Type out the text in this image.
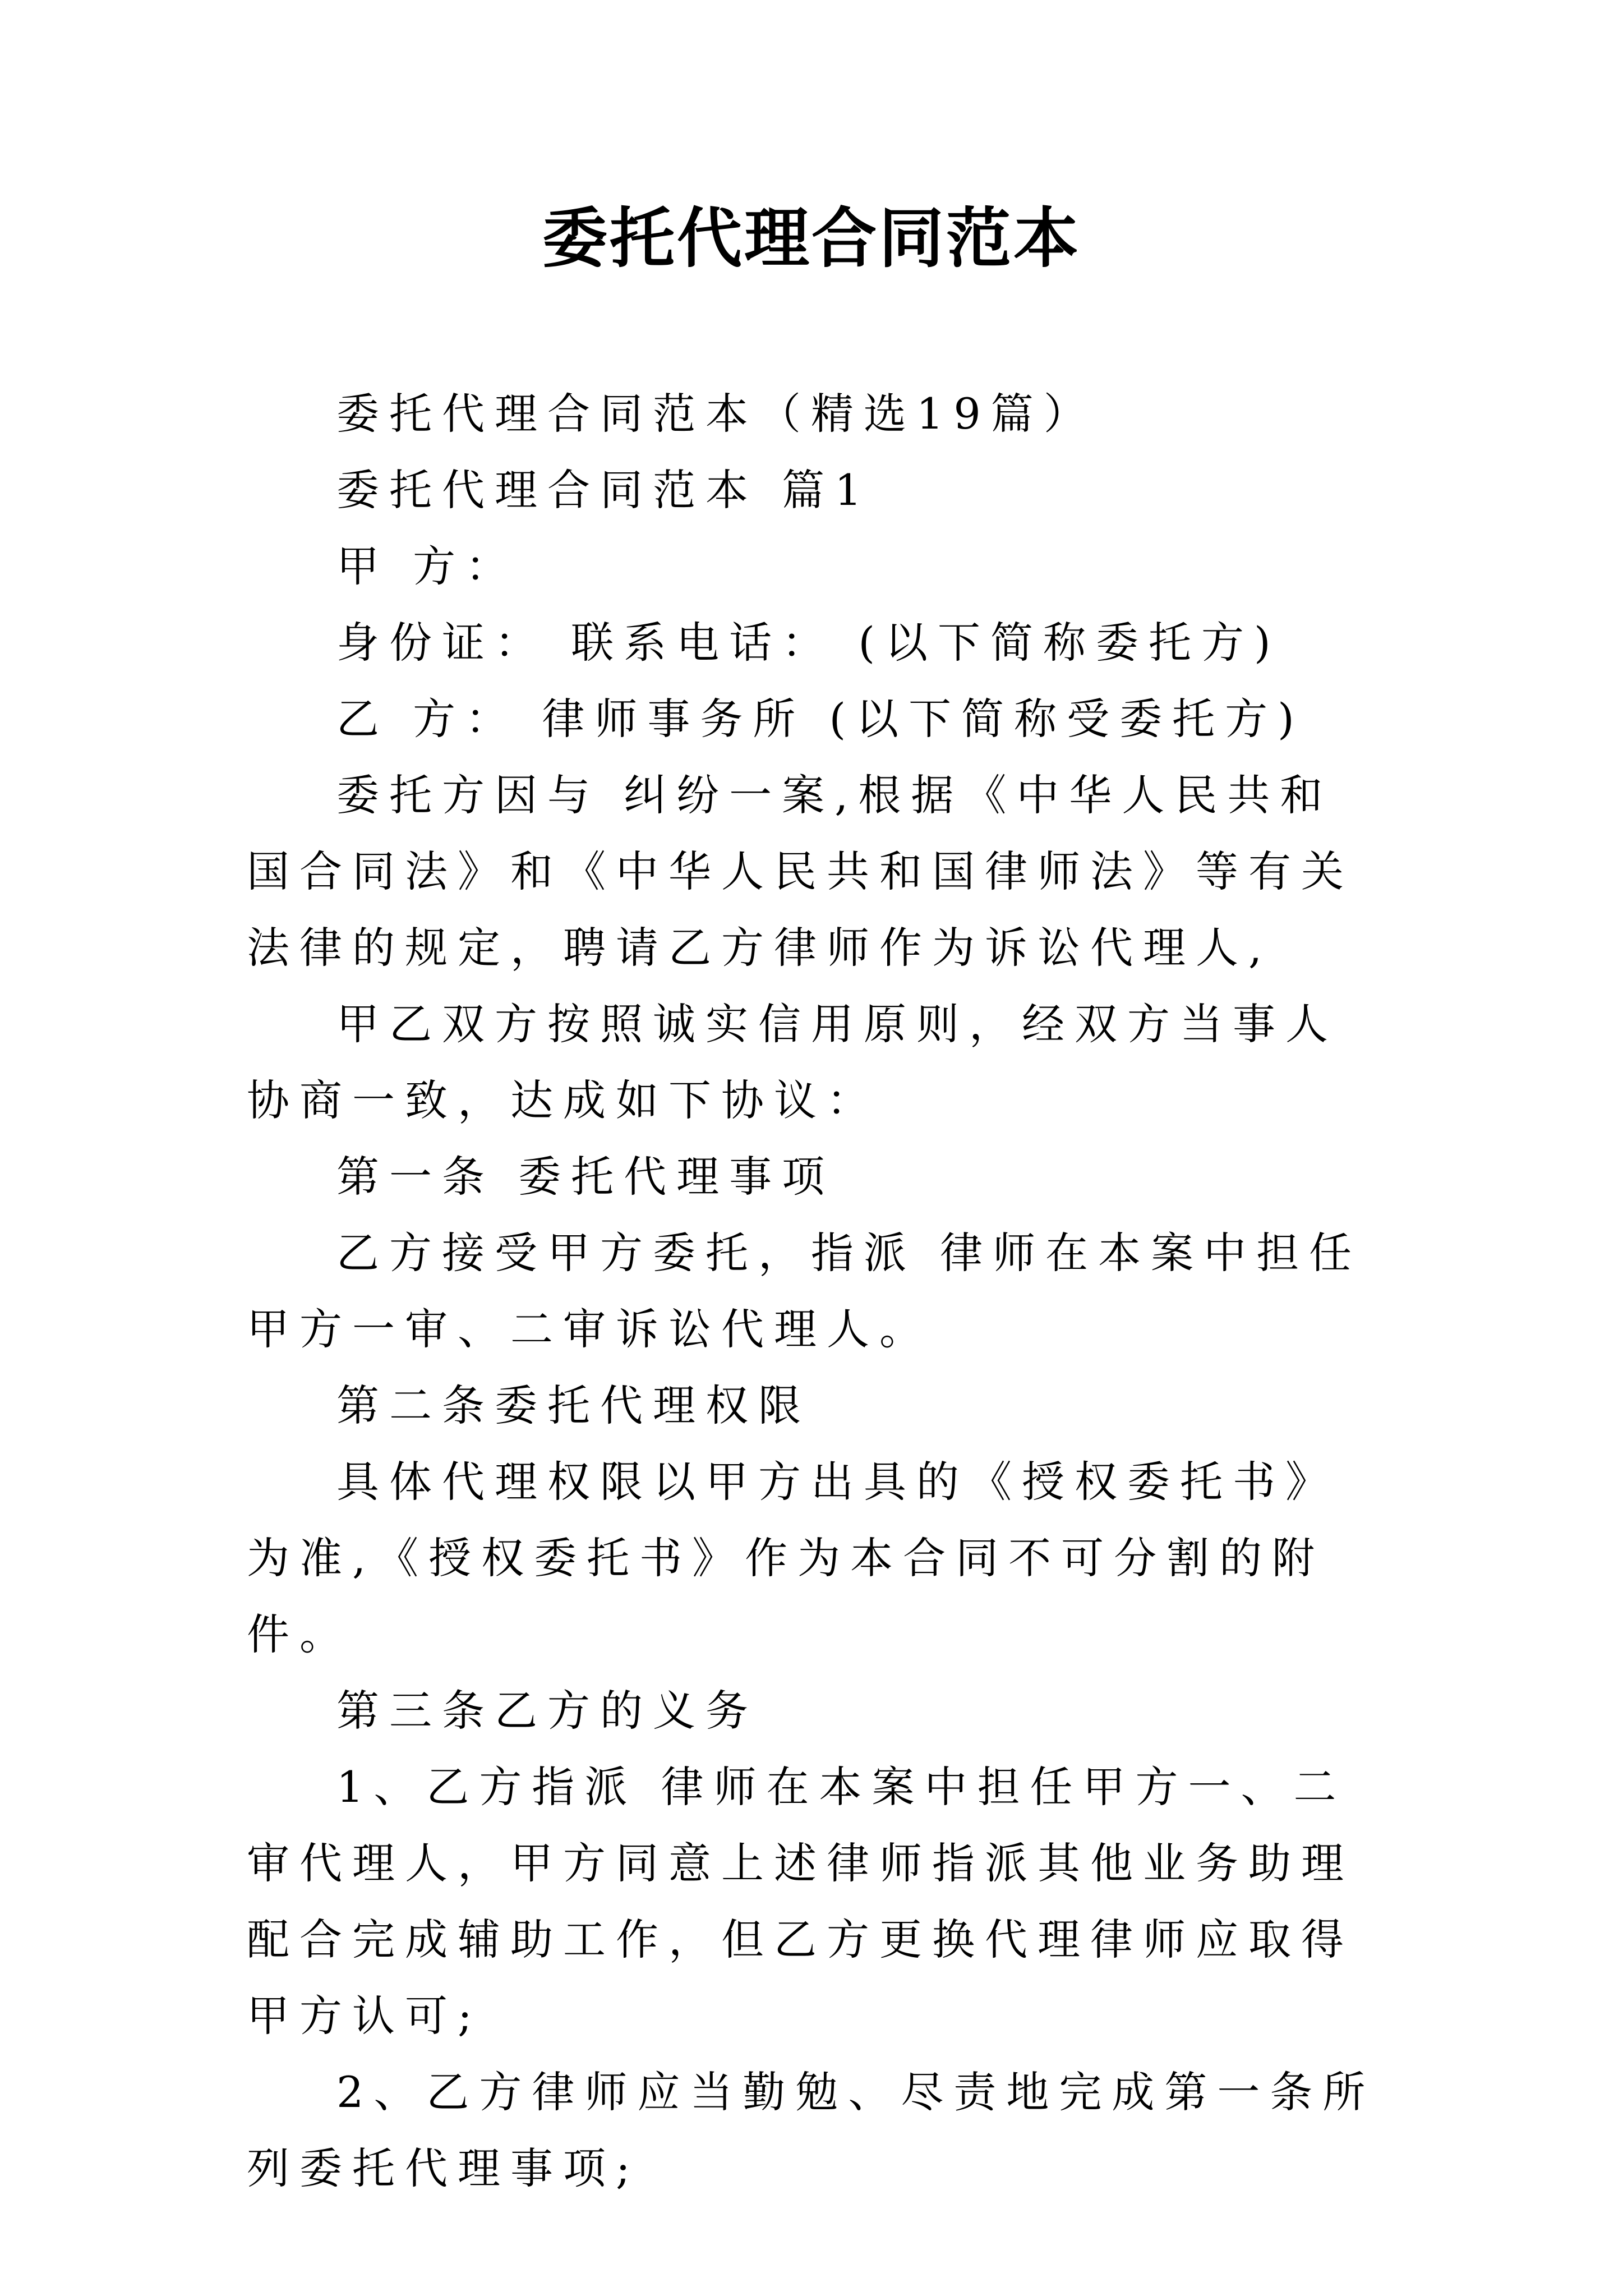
委托代理合同范本

委托代理合同范本（精选19篇）

委托代理合同范本 篇1

甲 方：

身份证： 联系电话： (以下简称委托方)

乙 方： 律师事务所 (以下简称受委托方)

委托方因与 纠纷一案,根据《中华人民共和国合同法》和《中华人民共和国律师法》等有关法律的规定，聘请乙方律师作为诉讼代理人,

甲乙双方按照诚实信用原则，经双方当事人协商一致，达成如下协议：

第一条 委托代理事项

乙方接受甲方委托，指派 律师在本案中担任甲方一审、二审诉讼代理人。

第二条委托代理权限

具体代理权限以甲方出具的《授权委托书》为准,《授权委托书》作为本合同不可分割的附件。

第三条乙方的义务

1、乙方指派 律师在本案中担任甲方一、二审代理人，甲方同意上述律师指派其他业务助理配合完成辅助工作，但乙方更换代理律师应取得甲方认可;

2、乙方律师应当勤勉、尽责地完成第一条所列委托代理事项;
